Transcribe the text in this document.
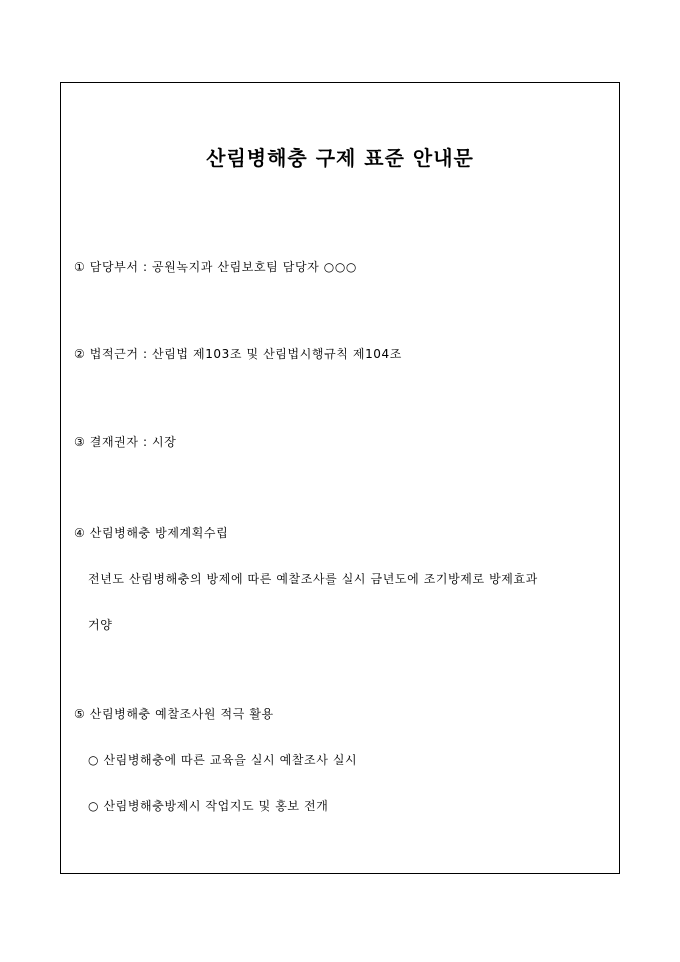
산림병해충 구제 표준 안내문
① 담당부서 : 공원녹지과 산림보호팀 담당자 ○○○
② 법적근거 : 산림법 제103조 및 산림법시행규칙 제104조
③ 결재권자 : 시장
④ 산림병해충 방제계획수립
전년도 산림병해충의 방제에 따른 예찰조사를 실시 금년도에 조기방제로 방제효과
거양
⑤ 산림병해충 예찰조사원 적극 활용
○ 산림병해충에 따른 교육을 실시 예찰조사 실시
○ 산림병해충방제시 작업지도 및 홍보 전개
